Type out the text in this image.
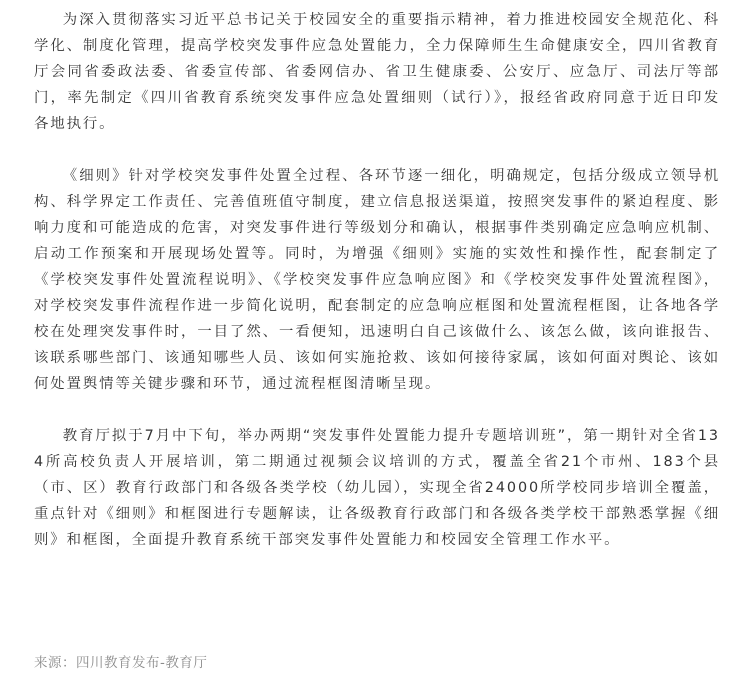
为深入贯彻落实习近平总书记关于校园安全的重要指示精神，着力推进校园安全规范化、科学化、制度化管理，提高学校突发事件应急处置能力，全力保障师生生命健康安全，四川省教育厅会同省委政法委、省委宣传部、省委网信办、省卫生健康委、公安厅、应急厅、司法厅等部门，率先制定《四川省教育系统突发事件应急处置细则（试行）》，报经省政府同意于近日印发各地执行。

《细则》针对学校突发事件处置全过程、各环节逐一细化，明确规定，包括分级成立领导机构、科学界定工作责任、完善值班值守制度，建立信息报送渠道，按照突发事件的紧迫程度、影响力度和可能造成的危害，对突发事件进行等级划分和确认，根据事件类别确定应急响应机制、启动工作预案和开展现场处置等。同时，为增强《细则》实施的实效性和操作性，配套制定了《学校突发事件处置流程说明》、《学校突发事件应急响应图》和《学校突发事件处置流程图》，对学校突发事件流程作进一步简化说明，配套制定的应急响应框图和处置流程框图，让各地各学校在处理突发事件时，一目了然、一看便知，迅速明白自己该做什么、该怎么做，该向谁报告、该联系哪些部门、该通知哪些人员、该如何实施抢救、该如何接待家属，该如何面对舆论、该如何处置舆情等关键步骤和环节，通过流程框图清晰呈现。

教育厅拟于7月中下旬，举办两期“突发事件处置能力提升专题培训班”，第一期针对全省134所高校负责人开展培训，第二期通过视频会议培训的方式，覆盖全省21个市州、183个县（市、区）教育行政部门和各级各类学校（幼儿园），实现全省24000所学校同步培训全覆盖，重点针对《细则》和框图进行专题解读，让各级教育行政部门和各级各类学校干部熟悉掌握《细则》和框图，全面提升教育系统干部突发事件处置能力和校园安全管理工作水平。

来源：四川教育发布-教育厅
